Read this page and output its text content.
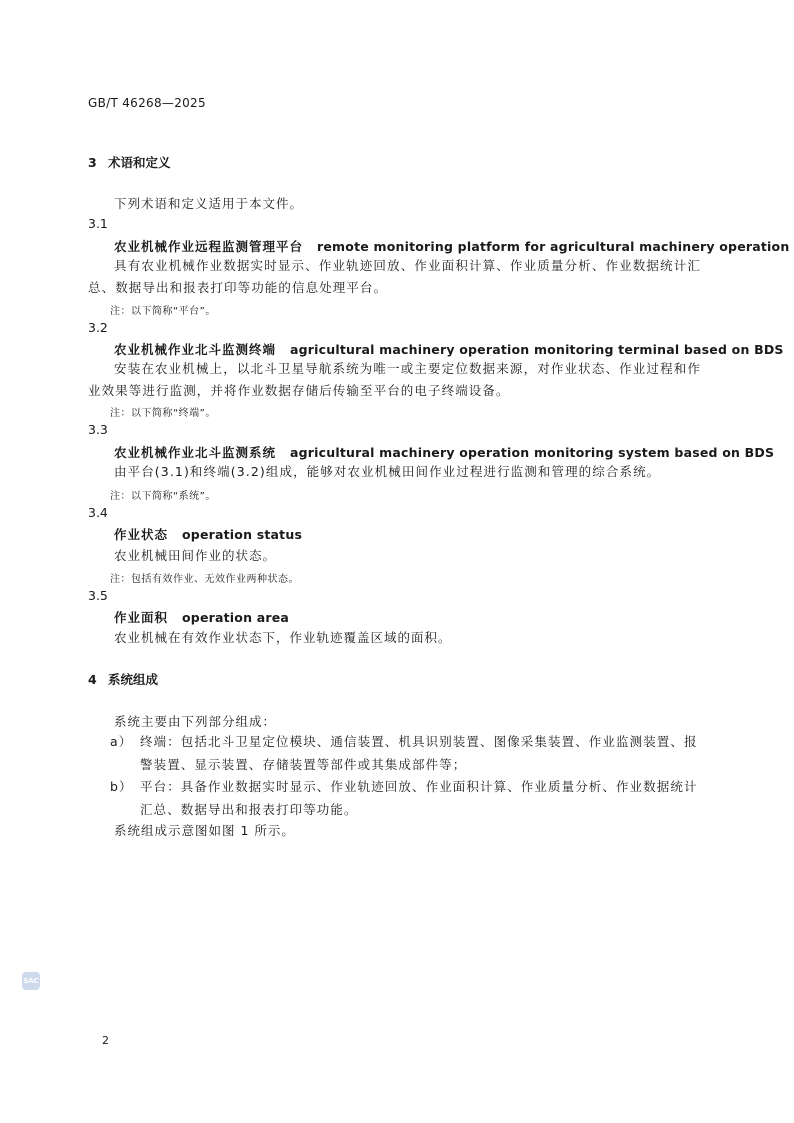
GB/T 46268—2025
3 术语和定义
下列术语和定义适用于本文件。
3.1
农业机械作业远程监测管理平台 remote monitoring platform for agricultural machinery operation
具有农业机械作业数据实时显示、作业轨迹回放、作业面积计算、作业质量分析、作业数据统计汇总、数据导出和报表打印等功能的信息处理平台。
注：以下简称“平台”。
3.2
农业机械作业北斗监测终端 agricultural machinery operation monitoring terminal based on BDS
安装在农业机械上，以北斗卫星导航系统为唯一或主要定位数据来源，对作业状态、作业过程和作业效果等进行监测，并将作业数据存储后传输至平台的电子终端设备。
注：以下简称“终端”。
3.3
农业机械作业北斗监测系统 agricultural machinery operation monitoring system based on BDS
由平台(3.1)和终端(3.2)组成，能够对农业机械田间作业过程进行监测和管理的综合系统。
注：以下简称“系统”。
3.4
作业状态 operation status
农业机械田间作业的状态。
注：包括有效作业、无效作业两种状态。
3.5
作业面积 operation area
农业机械在有效作业状态下，作业轨迹覆盖区域的面积。
4 系统组成
系统主要由下列部分组成：
a） 终端：包括北斗卫星定位模块、通信装置、机具识别装置、图像采集装置、作业监测装置、报警装置、显示装置、存储装置等部件或其集成部件等；
b） 平台：具备作业数据实时显示、作业轨迹回放、作业面积计算、作业质量分析、作业数据统计汇总、数据导出和报表打印等功能。
系统组成示意图如图 1 所示。
SAC
2
